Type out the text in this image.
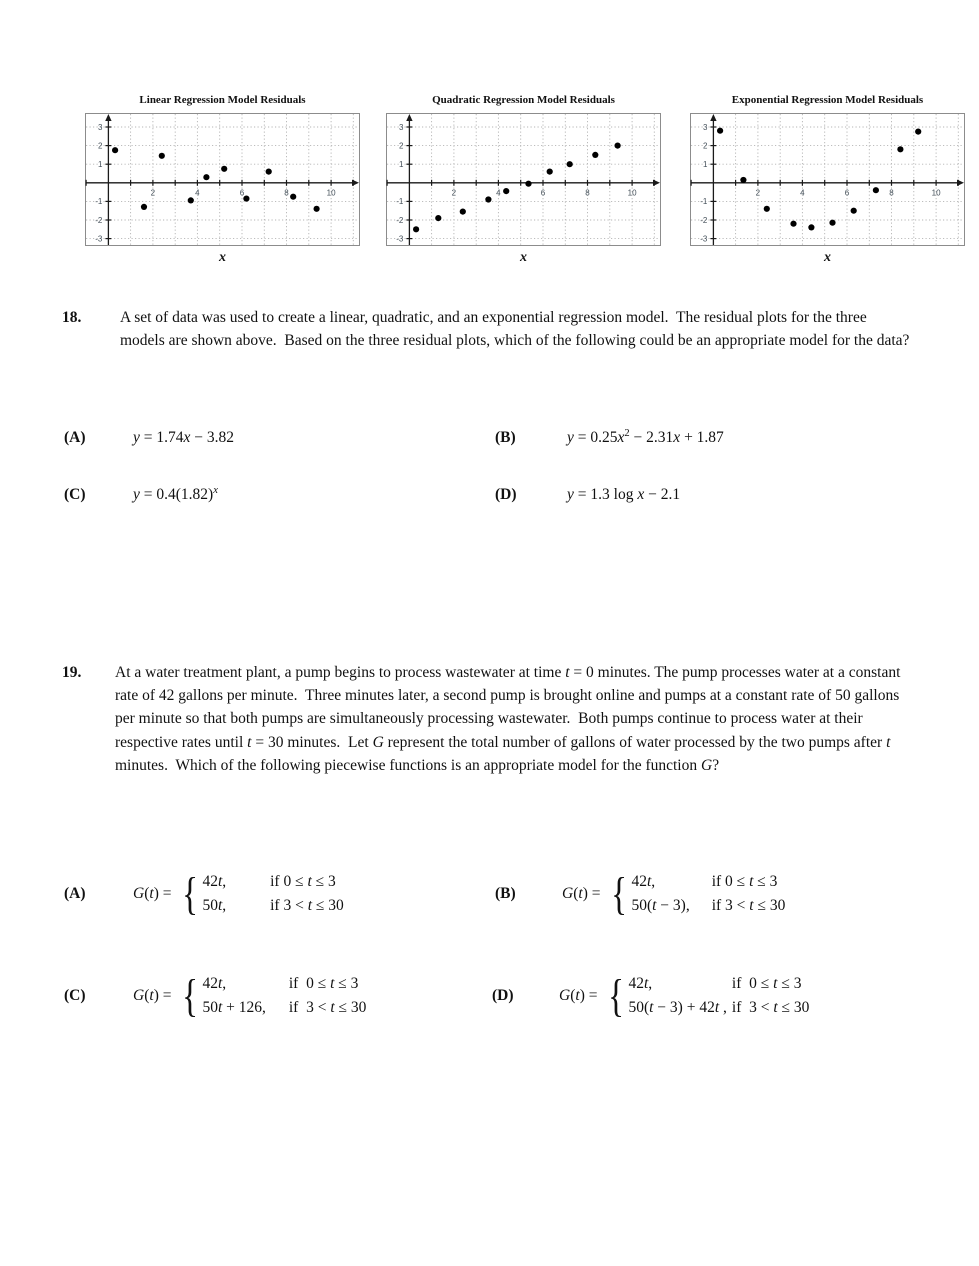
Linear Regression Model Residuals
2	4	6	8	10
3
2
1
-1
-2
-3
x
Quadratic Regression Model Residuals
2	4	6	8	10
3
2
1
-1
-2
-3
x
Exponential Regression Model Residuals
2	4	6	8	10
3
2
1
-1
-2
-3
x
18. A set of data was used to create a linear, quadratic, and an exponential regression model.  The residual plots for the three models are shown above.  Based on the three residual plots, which of the following could be an appropriate model for the data?
(A)	y = 1.74x − 3.82	(B)	$y = 0.25x^2 - 2.31x + 1.87$
(C)	$y = 0.4(1.82)^x$	(D)	y = 1.3 log x − 2.1
19. At a water treatment plant, a pump begins to process wastewater at time t = 0 minutes. The pump processes water at a constant rate of 42 gallons per minute.  Three minutes later, a second pump is brought online and pumps at a constant rate of 50 gallons per minute so that both pumps are simultaneously processing wastewater.  Both pumps continue to process water at their respective rates until t = 30 minutes.  Let G represent the total number of gallons of water processed by the two pumps after t minutes.  Which of the following piecewise functions is an appropriate model for the function G?
(A)	G(t) = { 42t,	if 0 ≤ t ≤ 3
50t,	if 3 < t ≤ 30
(B)	G(t) = { 42t,	if 0 ≤ t ≤ 3
50(t − 3), if 3 < t ≤ 30
(C)	G(t) = { 42t,	if  0 ≤ t ≤ 3
50t + 126, if  3 < t ≤ 30
(D)	G(t) = { 42t,	if  0 ≤ t ≤ 3
50(t − 3) + 42t , if  3 < t ≤ 30
